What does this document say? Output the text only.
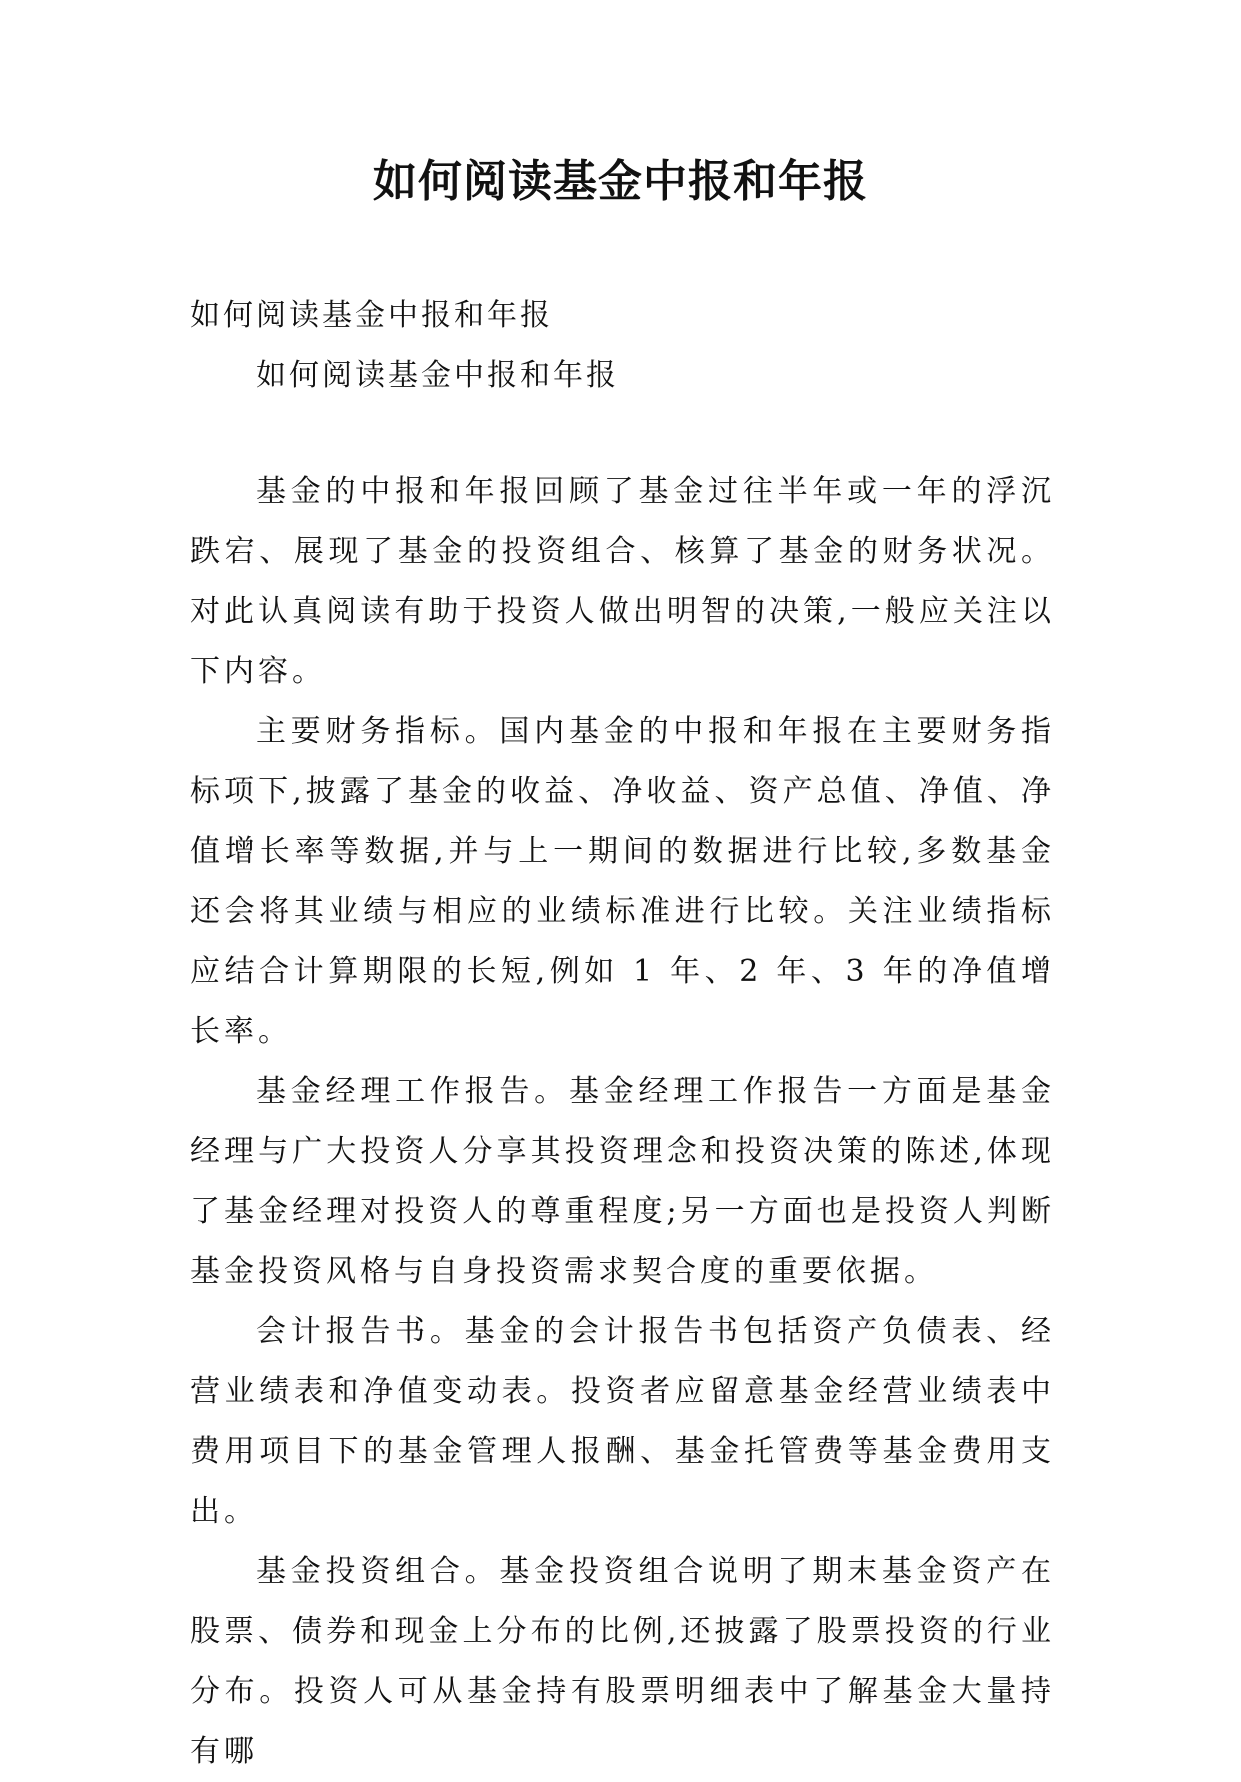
如何阅读基金中报和年报

如何阅读基金中报和年报

如何阅读基金中报和年报

基金的中报和年报回顾了基金过往半年或一年的浮沉跌宕、展现了基金的投资组合、核算了基金的财务状况。对此认真阅读有助于投资人做出明智的决策,一般应关注以下内容。

主要财务指标。国内基金的中报和年报在主要财务指标项下,披露了基金的收益、净收益、资产总值、净值、净值增长率等数据,并与上一期间的数据进行比较,多数基金还会将其业绩与相应的业绩标准进行比较。关注业绩指标应结合计算期限的长短,例如 1 年、2 年、3 年的净值增长率。

基金经理工作报告。基金经理工作报告一方面是基金经理与广大投资人分享其投资理念和投资决策的陈述,体现了基金经理对投资人的尊重程度;另一方面也是投资人判断基金投资风格与自身投资需求契合度的重要依据。

会计报告书。基金的会计报告书包括资产负债表、经营业绩表和净值变动表。投资者应留意基金经营业绩表中费用项目下的基金管理人报酬、基金托管费等基金费用支出。

基金投资组合。基金投资组合说明了期末基金资产在股票、债券和现金上分布的比例,还披露了股票投资的行业分布。投资人可从基金持有股票明细表中了解基金大量持有哪
